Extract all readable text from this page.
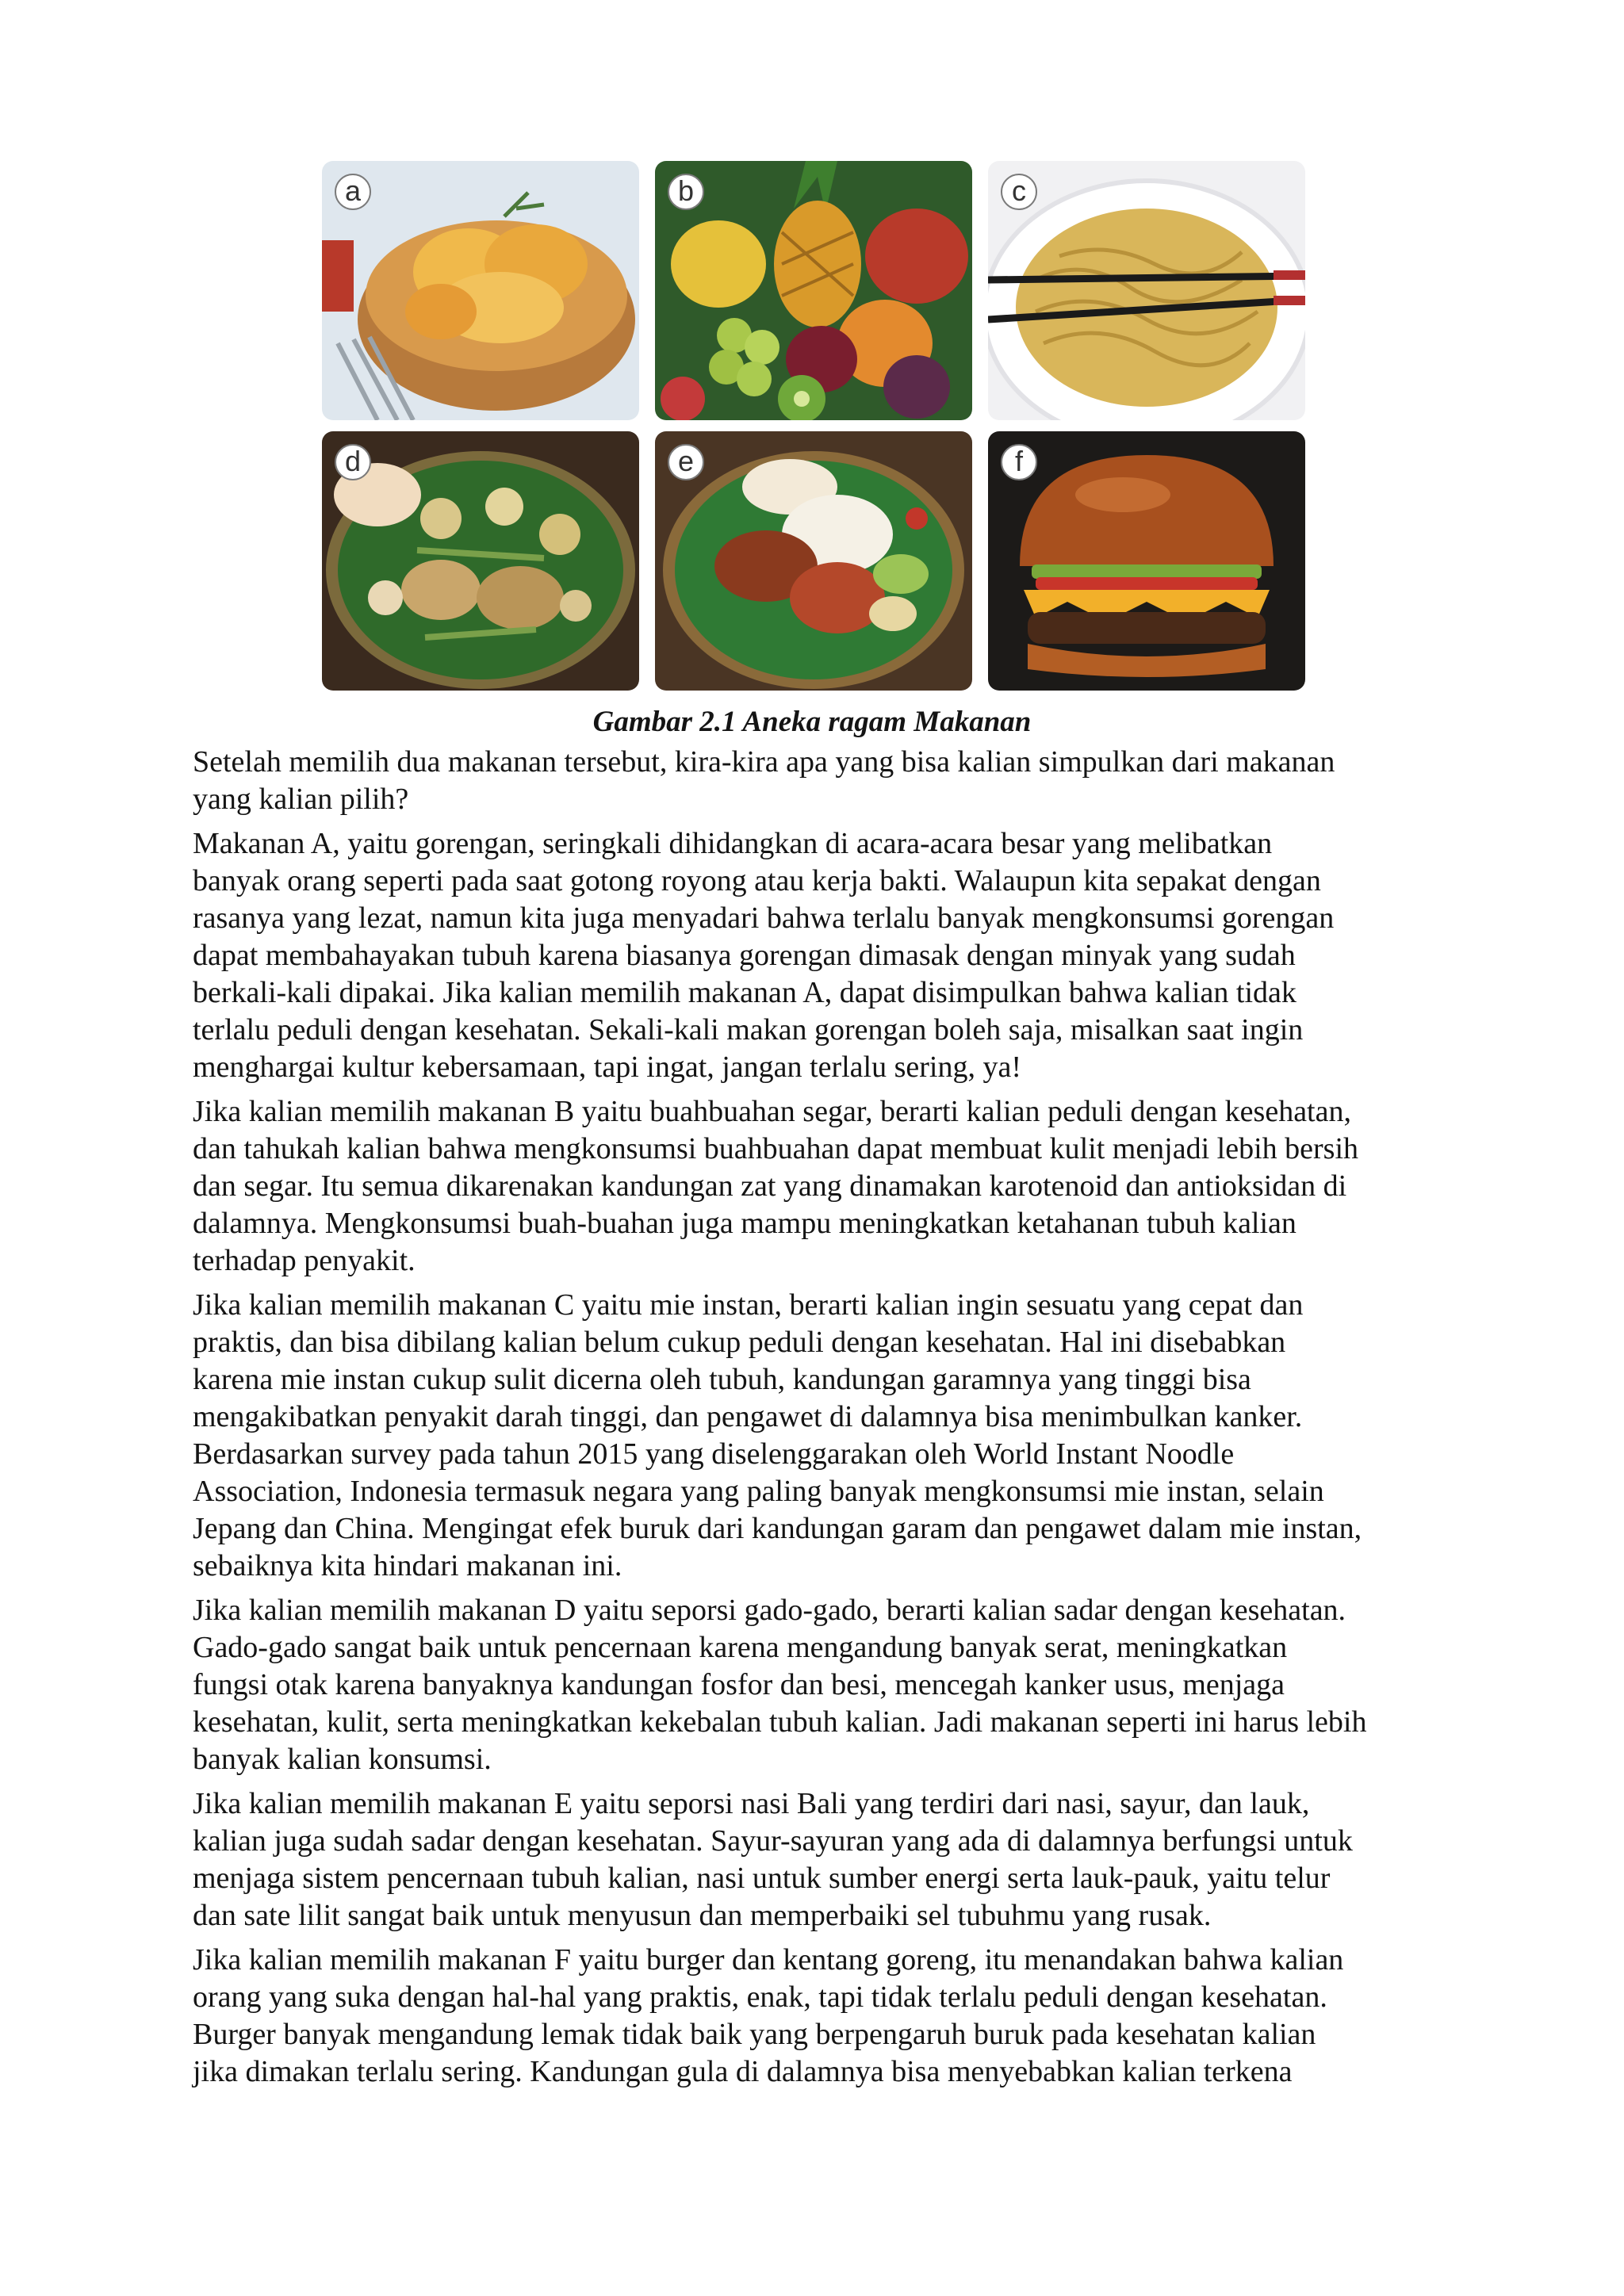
a	b	c
d	e	f
Gambar 2.1 Aneka ragam Makanan
Setelah memilih dua makanan tersebut, kira-kira apa yang bisa kalian simpulkan dari makanan
yang kalian pilih?
Makanan A, yaitu gorengan, seringkali dihidangkan di acara-acara besar yang melibatkan
banyak orang seperti pada saat gotong royong atau kerja bakti. Walaupun kita sepakat dengan
rasanya yang lezat, namun kita juga menyadari bahwa terlalu banyak mengkonsumsi gorengan
dapat membahayakan tubuh karena biasanya gorengan dimasak dengan minyak yang sudah
berkali-kali dipakai. Jika kalian memilih makanan A, dapat disimpulkan bahwa kalian tidak
terlalu peduli dengan kesehatan. Sekali-kali makan gorengan boleh saja, misalkan saat ingin
menghargai kultur kebersamaan, tapi ingat, jangan terlalu sering, ya!
Jika kalian memilih makanan B yaitu buahbuahan segar, berarti kalian peduli dengan kesehatan,
dan tahukah kalian bahwa mengkonsumsi buahbuahan dapat membuat kulit menjadi lebih bersih
dan segar. Itu semua dikarenakan kandungan zat yang dinamakan karotenoid dan antioksidan di
dalamnya. Mengkonsumsi buah-buahan juga mampu meningkatkan ketahanan tubuh kalian
terhadap penyakit.
Jika kalian memilih makanan C yaitu mie instan, berarti kalian ingin sesuatu yang cepat dan
praktis, dan bisa dibilang kalian belum cukup peduli dengan kesehatan. Hal ini disebabkan
karena mie instan cukup sulit dicerna oleh tubuh, kandungan garamnya yang tinggi bisa
mengakibatkan penyakit darah tinggi, dan pengawet di dalamnya bisa menimbulkan kanker.
Berdasarkan survey pada tahun 2015 yang diselenggarakan oleh World Instant Noodle
Association, Indonesia termasuk negara yang paling banyak mengkonsumsi mie instan, selain
Jepang dan China. Mengingat efek buruk dari kandungan garam dan pengawet dalam mie instan,
sebaiknya kita hindari makanan ini.
Jika kalian memilih makanan D yaitu seporsi gado-gado, berarti kalian sadar dengan kesehatan.
Gado-gado sangat baik untuk pencernaan karena mengandung banyak serat, meningkatkan
fungsi otak karena banyaknya kandungan fosfor dan besi, mencegah kanker usus, menjaga
kesehatan, kulit, serta meningkatkan kekebalan tubuh kalian. Jadi makanan seperti ini harus lebih
banyak kalian konsumsi.
Jika kalian memilih makanan E yaitu seporsi nasi Bali yang terdiri dari nasi, sayur, dan lauk,
kalian juga sudah sadar dengan kesehatan. Sayur-sayuran yang ada di dalamnya berfungsi untuk
menjaga sistem pencernaan tubuh kalian, nasi untuk sumber energi serta lauk-pauk, yaitu telur
dan sate lilit sangat baik untuk menyusun dan memperbaiki sel tubuhmu yang rusak.
Jika kalian memilih makanan F yaitu burger dan kentang goreng, itu menandakan bahwa kalian
orang yang suka dengan hal-hal yang praktis, enak, tapi tidak terlalu peduli dengan kesehatan.
Burger banyak mengandung lemak tidak baik yang berpengaruh buruk pada kesehatan kalian
jika dimakan terlalu sering. Kandungan gula di dalamnya bisa menyebabkan kalian terkena
